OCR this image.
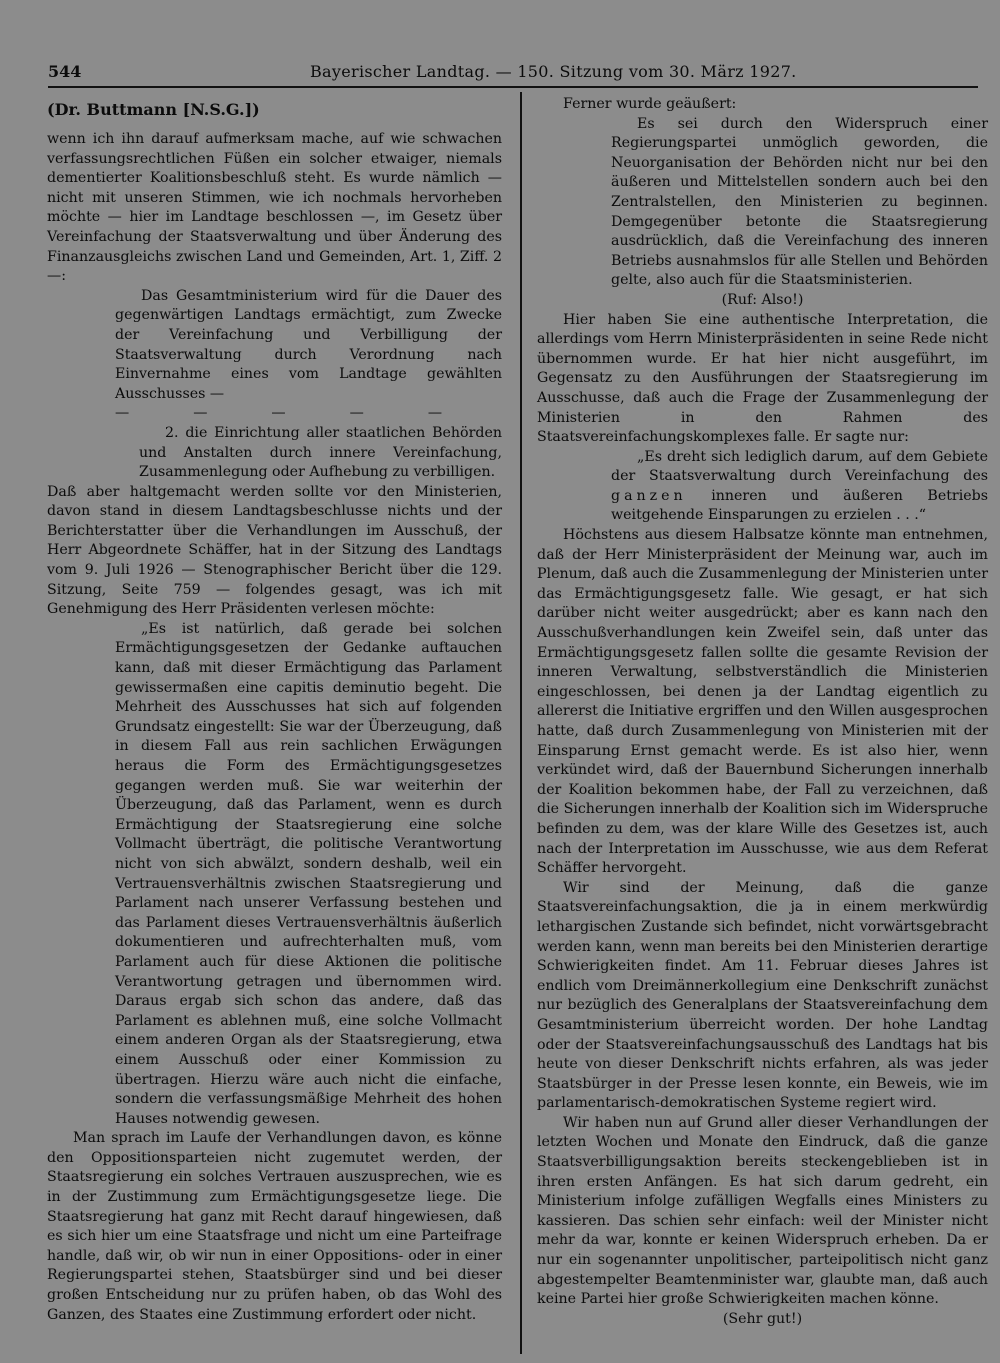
544	Bayerischer Landtag. — 150. Sitzung vom 30. März 1927.
(Dr. Buttmann [N.S.G.])

wenn ich ihn darauf aufmerksam mache, auf wie schwachen verfassungsrechtlichen Füßen ein solcher etwaiger, niemals dementierter Koalitionsbeschluß steht. Es wurde nämlich — nicht mit unseren Stimmen, wie ich nochmals hervorheben möchte — hier im Landtage beschlossen —, im Gesetz über Vereinfachung der Staatsverwaltung und über Änderung des Finanzausgleichs zwischen Land und Gemeinden, Art. 1, Ziff. 2 —:

Das Gesamtministerium wird für die Dauer des gegenwärtigen Landtags ermächtigt, zum Zwecke der Vereinfachung und Verbilligung der Staatsverwaltung durch Verordnung nach Einvernahme eines vom Landtage gewählten Ausschusses —

—	—	—	—	—

2. die Einrichtung aller staatlichen Behörden und Anstalten durch innere Vereinfachung, Zusammenlegung oder Aufhebung zu verbilligen.

Daß aber haltgemacht werden sollte vor den Ministerien, davon stand in diesem Landtagsbeschlusse nichts und der Berichterstatter über die Verhandlungen im Ausschuß, der Herr Abgeordnete Schäffer, hat in der Sitzung des Landtags vom 9. Juli 1926 — Stenographischer Bericht über die 129. Sitzung, Seite 759 — folgendes gesagt, was ich mit Genehmigung des Herr Präsidenten verlesen möchte:

„Es ist natürlich, daß gerade bei solchen Ermächtigungsgesetzen der Gedanke auftauchen kann, daß mit dieser Ermächtigung das Parlament gewissermaßen eine capitis deminutio begeht. Die Mehrheit des Ausschusses hat sich auf folgenden Grundsatz eingestellt: Sie war der Überzeugung, daß in diesem Fall aus rein sachlichen Erwägungen heraus die Form des Ermächtigungsgesetzes gegangen werden muß. Sie war weiterhin der Überzeugung, daß das Parlament, wenn es durch Ermächtigung der Staatsregierung eine solche Vollmacht überträgt, die politische Verantwortung nicht von sich abwälzt, sondern deshalb, weil ein Vertrauensverhältnis zwischen Staatsregierung und Parlament nach unserer Verfassung bestehen und das Parlament dieses Vertrauensverhältnis äußerlich dokumentieren und aufrechterhalten muß, vom Parlament auch für diese Aktionen die politische Verantwortung getragen und übernommen wird. Daraus ergab sich schon das andere, daß das Parlament es ablehnen muß, eine solche Vollmacht einem anderen Organ als der Staatsregierung, etwa einem Ausschuß oder einer Kommission zu übertragen. Hierzu wäre auch nicht die einfache, sondern die verfassungsmäßige Mehrheit des hohen Hauses notwendig gewesen.

Man sprach im Laufe der Verhandlungen davon, es könne den Oppositionsparteien nicht zugemutet werden, der Staatsregierung ein solches Vertrauen auszusprechen, wie es in der Zustimmung zum Ermächtigungsgesetze liege. Die Staatsregierung hat ganz mit Recht darauf hingewiesen, daß es sich hier um eine Staatsfrage und nicht um eine Parteifrage handle, daß wir, ob wir nun in einer Oppositions- oder in einer Regierungspartei stehen, Staatsbürger sind und bei dieser großen Entscheidung nur zu prüfen haben, ob das Wohl des Ganzen, des Staates eine Zustimmung erfordert oder nicht.

Ferner wurde geäußert:

Es sei durch den Widerspruch einer Regierungspartei unmöglich geworden, die Neuorganisation der Behörden nicht nur bei den äußeren und Mittelstellen sondern auch bei den Zentralstellen, den Ministerien zu beginnen. Demgegenüber betonte die Staatsregierung ausdrücklich, daß die Vereinfachung des inneren Betriebs ausnahmslos für alle Stellen und Behörden gelte, also auch für die Staatsministerien.

(Ruf: Also!)

Hier haben Sie eine authentische Interpretation, die allerdings vom Herrn Ministerpräsidenten in seine Rede nicht übernommen wurde. Er hat hier nicht ausgeführt, im Gegensatz zu den Ausführungen der Staatsregierung im Ausschusse, daß auch die Frage der Zusammenlegung der Ministerien in den Rahmen des Staatsvereinfachungskomplexes falle. Er sagte nur:

„Es dreht sich lediglich darum, auf dem Gebiete der Staatsverwaltung durch Vereinfachung des ganzen inneren und äußeren Betriebs weitgehende Einsparungen zu erzielen . . .“

Höchstens aus diesem Halbsatze könnte man entnehmen, daß der Herr Ministerpräsident der Meinung war, auch im Plenum, daß auch die Zusammenlegung der Ministerien unter das Ermächtigungsgesetz falle. Wie gesagt, er hat sich darüber nicht weiter ausgedrückt; aber es kann nach den Ausschußverhandlungen kein Zweifel sein, daß unter das Ermächtigungsgesetz fallen sollte die gesamte Revision der inneren Verwaltung, selbstverständlich die Ministerien eingeschlossen, bei denen ja der Landtag eigentlich zu allererst die Initiative ergriffen und den Willen ausgesprochen hatte, daß durch Zusammenlegung von Ministerien mit der Einsparung Ernst gemacht werde. Es ist also hier, wenn verkündet wird, daß der Bauernbund Sicherungen innerhalb der Koalition bekommen habe, der Fall zu verzeichnen, daß die Sicherungen innerhalb der Koalition sich im Widerspruche befinden zu dem, was der klare Wille des Gesetzes ist, auch nach der Interpretation im Ausschusse, wie aus dem Referat Schäffer hervorgeht.

Wir sind der Meinung, daß die ganze Staatsvereinfachungsaktion, die ja in einem merkwürdig lethargischen Zustande sich befindet, nicht vorwärtsgebracht werden kann, wenn man bereits bei den Ministerien derartige Schwierigkeiten findet. Am 11. Februar dieses Jahres ist endlich vom Dreimännerkollegium eine Denkschrift zunächst nur bezüglich des Generalplans der Staatsvereinfachung dem Gesamtministerium überreicht worden. Der hohe Landtag oder der Staatsvereinfachungsausschuß des Landtags hat bis heute von dieser Denkschrift nichts erfahren, als was jeder Staatsbürger in der Presse lesen konnte, ein Beweis, wie im parlamentarisch-demokratischen Systeme regiert wird.

Wir haben nun auf Grund aller dieser Verhandlungen der letzten Wochen und Monate den Eindruck, daß die ganze Staatsverbilligungsaktion bereits steckengeblieben ist in ihren ersten Anfängen. Es hat sich darum gedreht, ein Ministerium infolge zufälligen Wegfalls eines Ministers zu kassieren. Das schien sehr einfach: weil der Minister nicht mehr da war, konnte er keinen Widerspruch erheben. Da er nur ein sogenannter unpolitischer, parteipolitisch nicht ganz abgestempelter Beamtenminister war, glaubte man, daß auch keine Partei hier große Schwierigkeiten machen könne.

(Sehr gut!)
